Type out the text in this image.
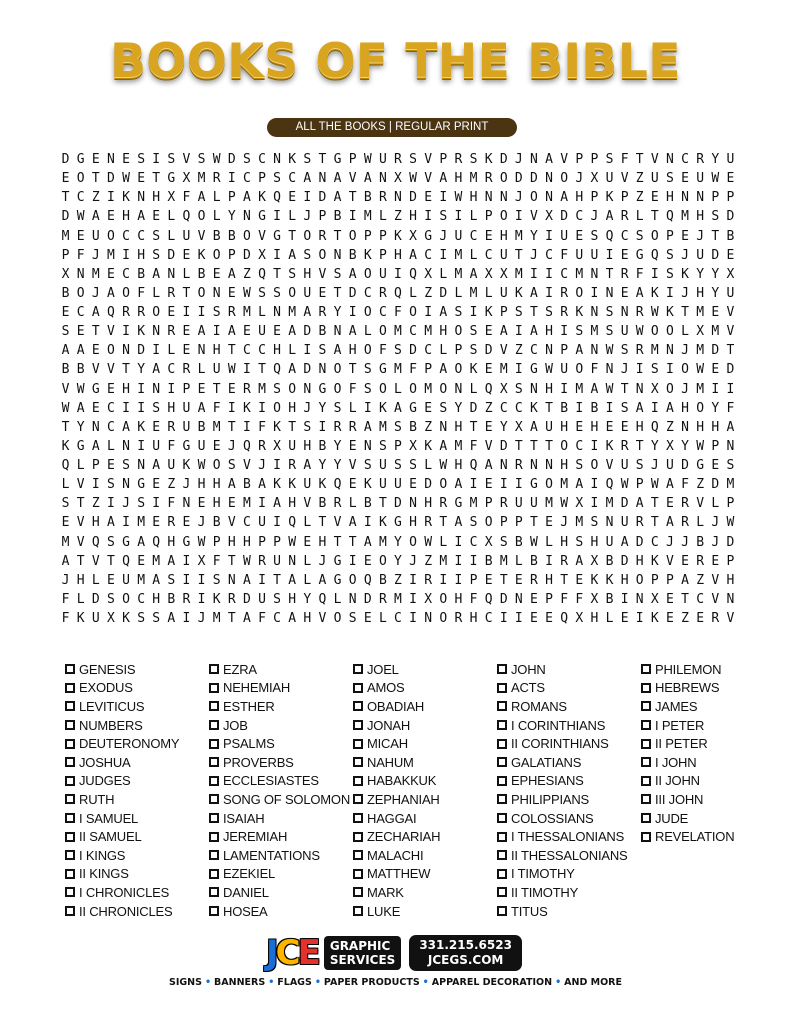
BOOKS OF THE BIBLE
ALL THE BOOKS | REGULAR PRINT
D G E N E S I S V S W D S C N K S T G P W U R S V P R S K D J N A V P P S F T V N C R Y U
E O T D W E T G X M R I C P S C A N A V A N X W V A H M R O D D N O J X U V Z U S E U W E
T C Z I K N H X F A L P A K Q E I D A T B R N D E I W H N N J O N A H P K P Z E H N N P P
D W A E H A E L Q O L Y N G I L J P B I M L Z H I S I L P O I V X D C J A R L T Q M H S D
M E U O C C S L U V B B O V G T O R T O P P K X G J U C E H M Y I U E S Q C S O P E J T B
P F J M I H S D E K O P D X I A S O N B K P H A C I M L C U T J C F U U I E G Q S J U D E
X N M E C B A N L B E A Z Q T S H V S A O U I Q X L M A X X M I I C M N T R F I S K Y Y X
B O J A O F L R T O N E W S S O U E T D C R Q L Z D L M L U K A I R O I N E A K I J H Y U
E C A Q R R O E I I S R M L N M A R Y I O C F O I A S I K P S T S R K N S N R W K T M E V
S E T V I K N R E A I A E U E A D B N A L O M C M H O S E A I A H I S M S U W O O L X M V
A A E O N D I L E N H T C C H L I S A H O F S D C L P S D V Z C N P A N W S R M N J M D T
B B V V T Y A C R L U W I T Q A D N O T S G M F P A O K E M I G W U O F N J I S I O W E D
V W G E H I N I P E T E R M S O N G O F S O L O M O N L Q X S N H I M A W T N X O J M I I
W A E C I I S H U A F I K I O H J Y S L I K A G E S Y D Z C C K T B I B I S A I A H O Y F
T Y N C A K E R U B M T I F K T S I R R A M S B Z N H T E Y X A U H E H E E H Q Z N H H A
K G A L N I U F G U E J Q R X U H B Y E N S P X K A M F V D T T T O C I K R T Y X Y W P N
Q L P E S N A U K W O S V J I R A Y Y V S U S S L W H Q A N R N N H S O V U S J U D G E S
L V I S N G E Z J H H A B A K K U K Q E K U U E D O A I E I I G O M A I Q W P W A F Z D M
S T Z I J S I F N E H E M I A H V B R L B T D N H R G M P R U U M W X I M D A T E R V L P
E V H A I M E R E J B V C U I Q L T V A I K G H R T A S O P P T E J M S N U R T A R L J W
M V Q S G A Q H G W P H H P P W E H T T A M Y O W L I C X S B W L H S H U A D C J J B J D
A T V T Q E M A I X F T W R U N L J G I E O Y J Z M I I B M L B I R A X B D H K V E R E P
J H L E U M A S I I S N A I T A L A G O Q B Z I R I I P E T E R H T E K K H O P P A Z V H
F L D S O C H B R I K R D U S H Y Q L N D R M I X O H F Q D N E P F F X B I N X E T C V N
F K U X K S S A I J M T A F C A H V O S E L C I N O R H C I I E E Q X H L E I K E Z E R V
GENESIS
EXODUS
LEVITICUS
NUMBERS
DEUTERONOMY
JOSHUA
JUDGES
RUTH
I SAMUEL
II SAMUEL
I KINGS
II KINGS
I CHRONICLES
II CHRONICLES
EZRA
NEHEMIAH
ESTHER
JOB
PSALMS
PROVERBS
ECCLESIASTES
SONG OF SOLOMON
ISAIAH
JEREMIAH
LAMENTATIONS
EZEKIEL
DANIEL
HOSEA
JOEL
AMOS
OBADIAH
JONAH
MICAH
NAHUM
HABAKKUK
ZEPHANIAH
HAGGAI
ZECHARIAH
MALACHI
MATTHEW
MARK
LUKE
JOHN
ACTS
ROMANS
I CORINTHIANS
II CORINTHIANS
GALATIANS
EPHESIANS
PHILIPPIANS
COLOSSIANS
I THESSALONIANS
II THESSALONIANS
I TIMOTHY
II TIMOTHY
TITUS
PHILEMON
HEBREWS
JAMES
I PETER
II PETER
I JOHN
II JOHN
III JOHN
JUDE
REVELATION
JCE	GRAPHIC
SERVICES
331.215.6523
JCEGS.COM
SIGNS • BANNERS • FLAGS • PAPER PRODUCTS • APPAREL DECORATION • AND MORE
